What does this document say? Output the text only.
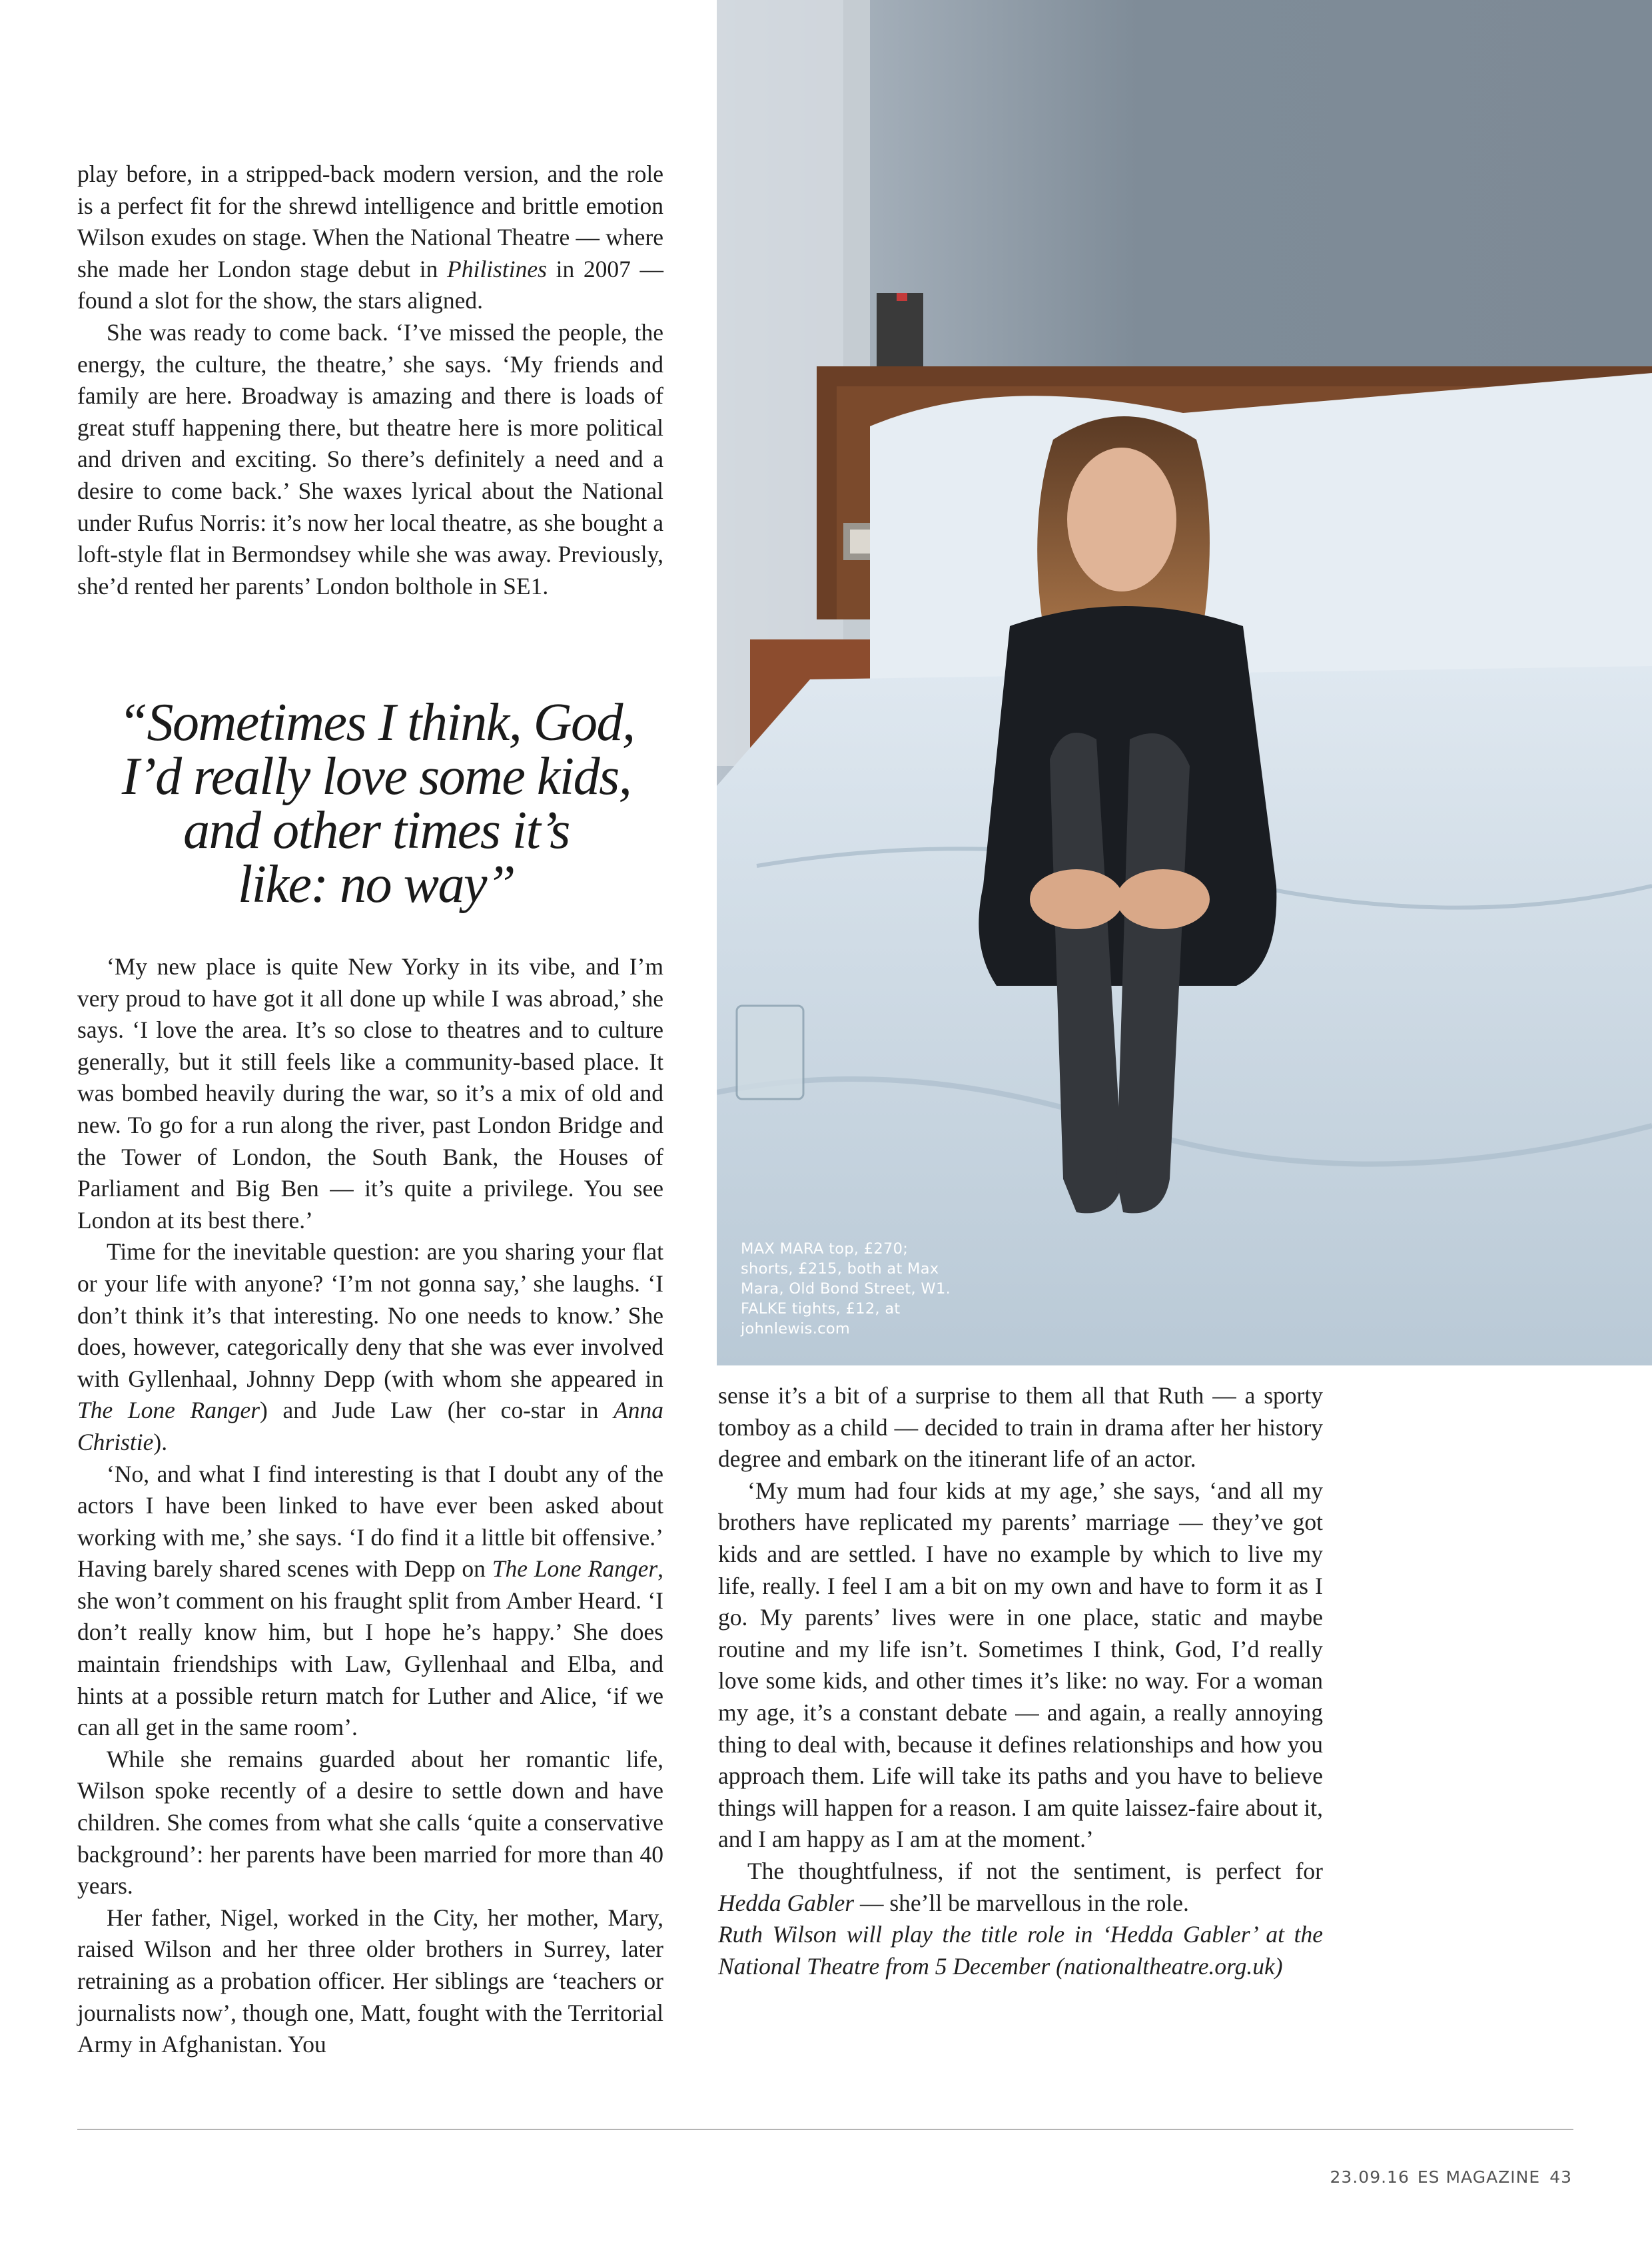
play before, in a stripped-back modern version, and the role is a perfect fit for the shrewd intelligence and brittle emotion Wilson exudes on stage. When the National Theatre — where she made her London stage debut in Philistines in 2007 — found a slot for the show, the stars aligned.

She was ready to come back. ‘I’ve missed the people, the energy, the culture, the theatre,’ she says. ‘My friends and family are here. Broadway is amazing and there is loads of great stuff happening there, but theatre here is more political and driven and exciting. So there’s definitely a need and a desire to come back.’ She waxes lyrical about the National under Rufus Norris: it’s now her local theatre, as she bought a loft-style flat in Bermondsey while she was away. Previously, she’d rented her parents’ London bolthole in SE1.

“Sometimes I think, God,
I’d really love some kids,
and other times it’s
like: no way”

‘My new place is quite New Yorky in its vibe, and I’m very proud to have got it all done up while I was abroad,’ she says. ‘I love the area. It’s so close to theatres and to culture generally, but it still feels like a community-based place. It was bombed heavily during the war, so it’s a mix of old and new. To go for a run along the river, past London Bridge and the Tower of London, the South Bank, the Houses of Parliament and Big Ben — it’s quite a privilege. You see London at its best there.’

Time for the inevitable question: are you sharing your flat or your life with anyone? ‘I’m not gonna say,’ she laughs. ‘I don’t think it’s that interesting. No one needs to know.’ She does, however, categorically deny that she was ever involved with Gyllenhaal, Johnny Depp (with whom she appeared in The Lone Ranger) and Jude Law (her co-star in Anna Christie).

‘No, and what I find interesting is that I doubt any of the actors I have been linked to have ever been asked about working with me,’ she says. ‘I do find it a little bit offensive.’ Having barely shared scenes with Depp on The Lone Ranger, she won’t comment on his fraught split from Amber Heard. ‘I don’t really know him, but I hope he’s happy.’ She does maintain friendships with Law, Gyllenhaal and Elba, and hints at a possible return match for Luther and Alice, ‘if we can all get in the same room’.

While she remains guarded about her romantic life, Wilson spoke recently of a desire to settle down and have children. She comes from what she calls ‘quite a conservative background’: her parents have been married for more than 40 years.

Her father, Nigel, worked in the City, her mother, Mary, raised Wilson and her three older brothers in Surrey, later retraining as a probation officer. Her siblings are ‘teachers or journalists now’, though one, Matt, fought with the Territorial Army in Afghanistan. You

MAX MARA top, £270;
shorts, £215, both at Max
Mara, Old Bond Street, W1.
FALKE tights, £12, at
johnlewis.com

sense it’s a bit of a surprise to them all that Ruth — a sporty tomboy as a child — decided to train in drama after her history degree and embark on the itinerant life of an actor.

‘My mum had four kids at my age,’ she says, ‘and all my brothers have replicated my parents’ marriage — they’ve got kids and are settled. I have no example by which to live my life, really. I feel I am a bit on my own and have to form it as I go. My parents’ lives were in one place, static and maybe routine and my life isn’t. Sometimes I think, God, I’d really love some kids, and other times it’s like: no way. For a woman my age, it’s a constant debate — and again, a really annoying thing to deal with, because it defines relationships and how you approach them. Life will take its paths and you have to believe things will happen for a reason. I am quite laissez-faire about it, and I am happy as I am at the moment.’

The thoughtfulness, if not the sentiment, is perfect for Hedda Gabler — she’ll be marvellous in the role.

Ruth Wilson will play the title role in ‘Hedda Gabler’ at the National Theatre from 5 December (nationaltheatre.org.uk)

23.09.16 ES MAGAZINE 43
